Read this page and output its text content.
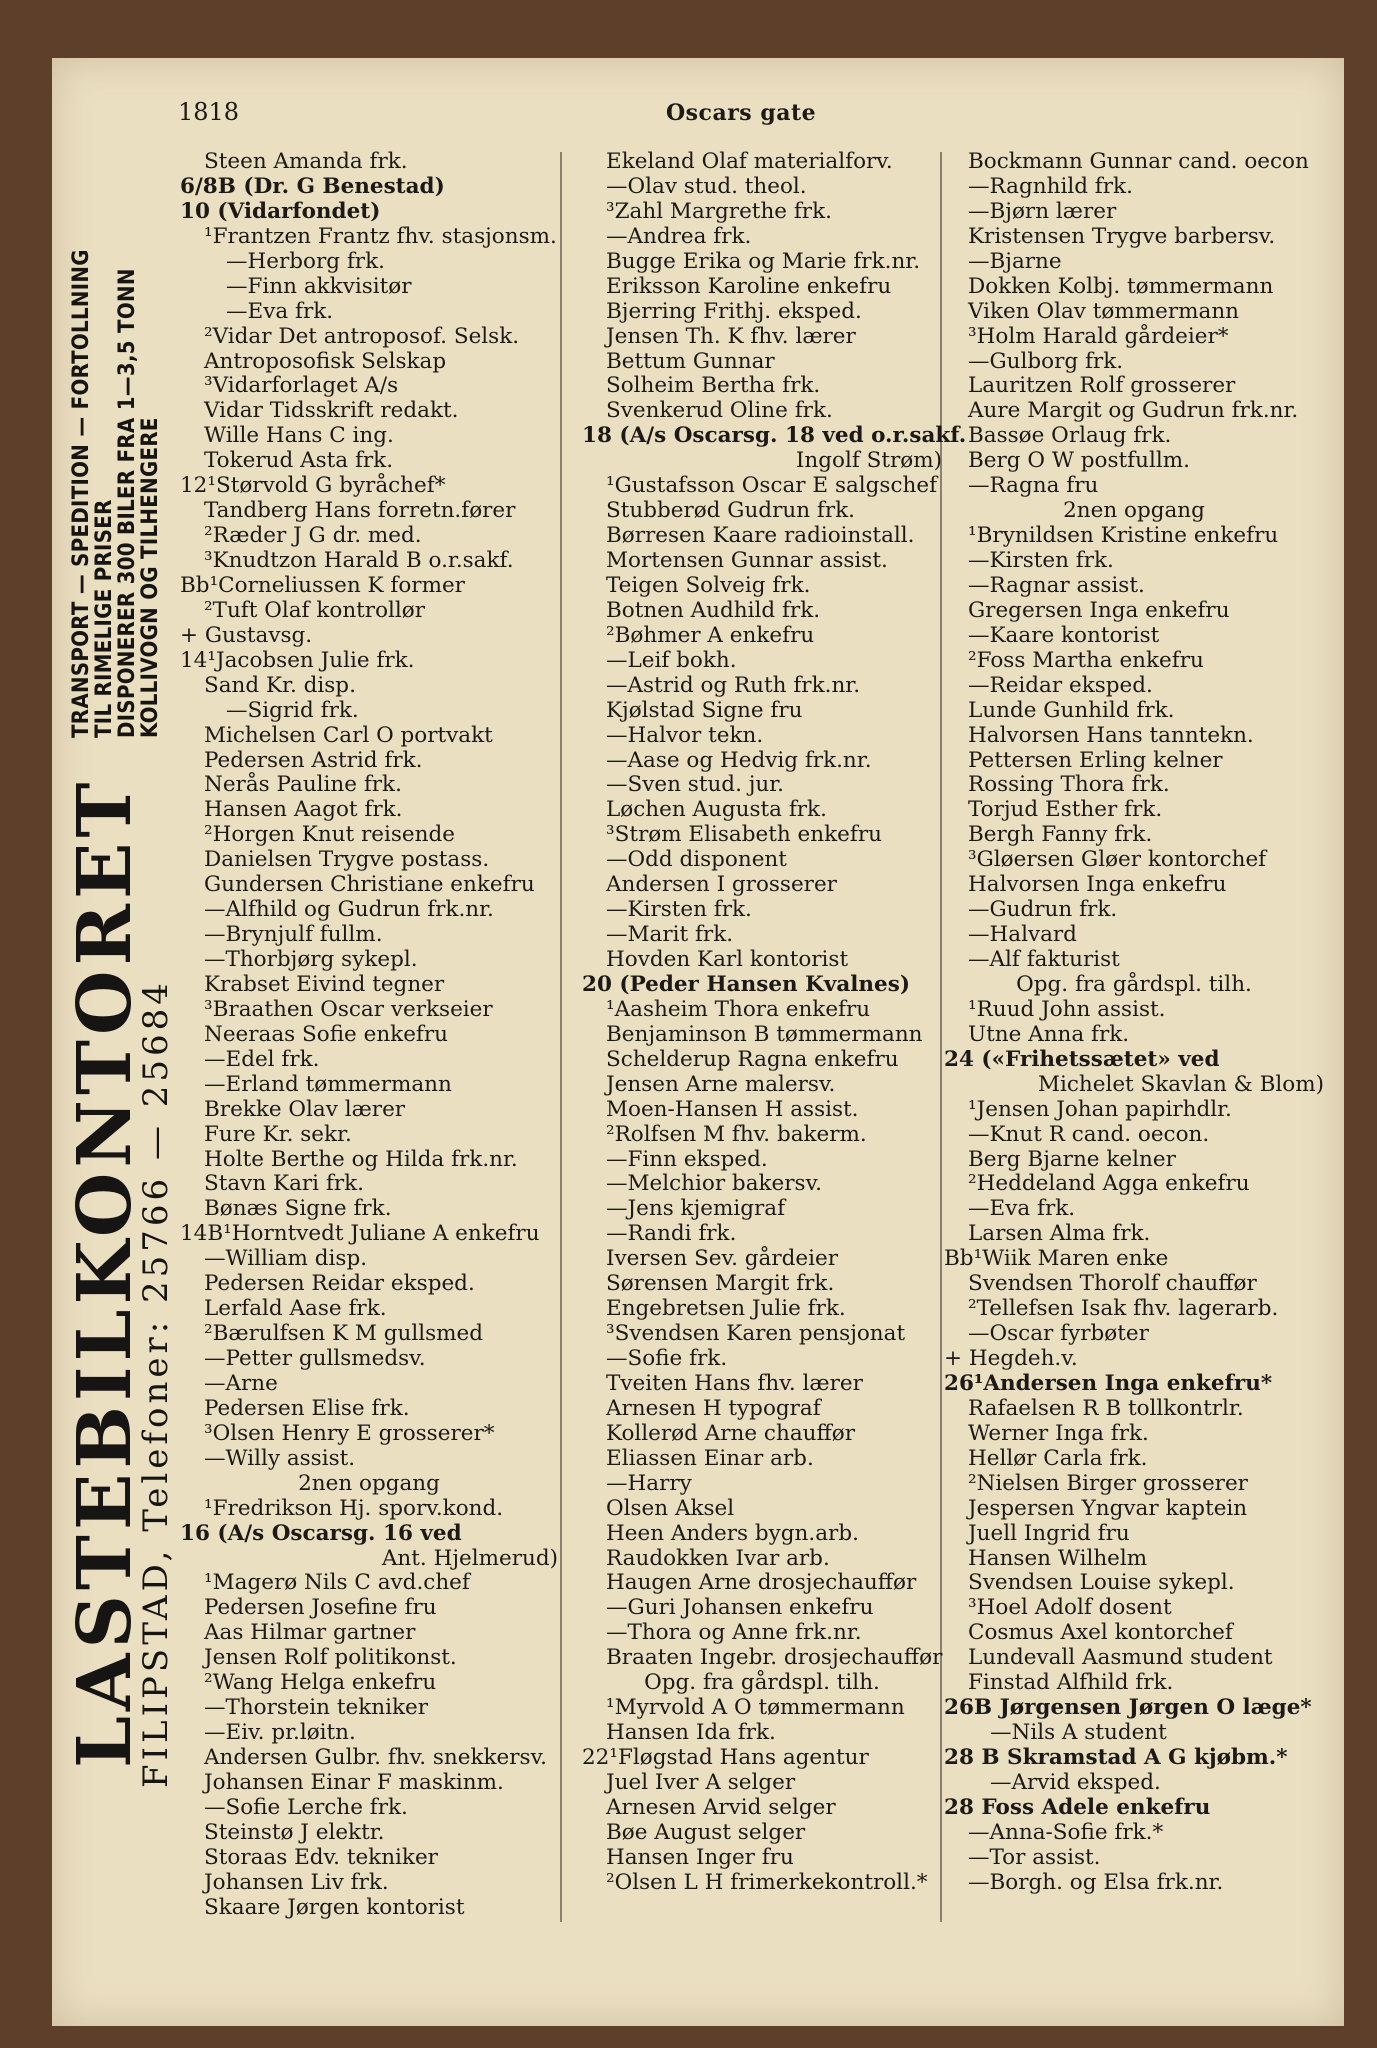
1818	Oscars gate
TRANSPORT — SPEDITION — FORTOLLNING
TIL RIMELIGE PRISER
DISPONERER 300 BILER FRA 1—3,5 TONN
KOLLIVOGN OG TILHENGERE
LASTEBILKONTORET
FILIPSTAD, Telefoner: 25766 — 25684
Steen Amanda frk.
6/8B (Dr. G Benestad)
10 (Vidarfondet)
¹Frantzen Frantz fhv. stasjonsm.
—Herborg frk.
—Finn akkvisitør
—Eva frk.
²Vidar Det antroposof. Selsk.
Antroposofisk Selskap
³Vidarforlaget A/s
Vidar Tidsskrift redakt.
Wille Hans C ing.
Tokerud Asta frk.
12¹Størvold G byråchef*
Tandberg Hans forretn.fører
²Ræder J G dr. med.
³Knudtzon Harald B o.r.sakf.
Bb¹Corneliussen K former
²Tuft Olaf kontrollør
+ Gustavsg.
14¹Jacobsen Julie frk.
Sand Kr. disp.
—Sigrid frk.
Michelsen Carl O portvakt
Pedersen Astrid frk.
Nerås Pauline frk.
Hansen Aagot frk.
²Horgen Knut reisende
Danielsen Trygve postass.
Gundersen Christiane enkefru
—Alfhild og Gudrun frk.nr.
—Brynjulf fullm.
—Thorbjørg sykepl.
Krabset Eivind tegner
³Braathen Oscar verkseier
Neeraas Sofie enkefru
—Edel frk.
—Erland tømmermann
Brekke Olav lærer
Fure Kr. sekr.
Holte Berthe og Hilda frk.nr.
Stavn Kari frk.
Bønæs Signe frk.
14B¹Horntvedt Juliane A enkefru
—William disp.
Pedersen Reidar eksped.
Lerfald Aase frk.
²Bærulfsen K M gullsmed
—Petter gullsmedsv.
—Arne
Pedersen Elise frk.
³Olsen Henry E grosserer*
—Willy assist.
2nen opgang
¹Fredrikson Hj. sporv.kond.
16 (A/s Oscarsg. 16 ved
Ant. Hjelmerud)
¹Magerø Nils C avd.chef
Pedersen Josefine fru
Aas Hilmar gartner
Jensen Rolf politikonst.
²Wang Helga enkefru
—Thorstein tekniker
—Eiv. pr.løitn.
Andersen Gulbr. fhv. snekkersv.
Johansen Einar F maskinm.
—Sofie Lerche frk.
Steinstø J elektr.
Storaas Edv. tekniker
Johansen Liv frk.
Skaare Jørgen kontorist
Ekeland Olaf materialforv.
—Olav stud. theol.
³Zahl Margrethe frk.
—Andrea frk.
Bugge Erika og Marie frk.nr.
Eriksson Karoline enkefru
Bjerring Frithj. eksped.
Jensen Th. K fhv. lærer
Bettum Gunnar
Solheim Bertha frk.
Svenkerud Oline frk.
18 (A/s Oscarsg. 18 ved o.r.sakf.
Ingolf Strøm)
¹Gustafsson Oscar E salgschef
Stubberød Gudrun frk.
Børresen Kaare radioinstall.
Mortensen Gunnar assist.
Teigen Solveig frk.
Botnen Audhild frk.
²Bøhmer A enkefru
—Leif bokh.
—Astrid og Ruth frk.nr.
Kjølstad Signe fru
—Halvor tekn.
—Aase og Hedvig frk.nr.
—Sven stud. jur.
Løchen Augusta frk.
³Strøm Elisabeth enkefru
—Odd disponent
Andersen I grosserer
—Kirsten frk.
—Marit frk.
Hovden Karl kontorist
20 (Peder Hansen Kvalnes)
¹Aasheim Thora enkefru
Benjaminson B tømmermann
Schelderup Ragna enkefru
Jensen Arne malersv.
Moen-Hansen H assist.
²Rolfsen M fhv. bakerm.
—Finn eksped.
—Melchior bakersv.
—Jens kjemigraf
—Randi frk.
Iversen Sev. gårdeier
Sørensen Margit frk.
Engebretsen Julie frk.
³Svendsen Karen pensjonat
—Sofie frk.
Tveiten Hans fhv. lærer
Arnesen H typograf
Kollerød Arne chauffør
Eliassen Einar arb.
—Harry
Olsen Aksel
Heen Anders bygn.arb.
Raudokken Ivar arb.
Haugen Arne drosjechauffør
—Guri Johansen enkefru
—Thora og Anne frk.nr.
Braaten Ingebr. drosjechauffør
Opg. fra gårdspl. tilh.
¹Myrvold A O tømmermann
Hansen Ida frk.
22¹Fløgstad Hans agentur
Juel Iver A selger
Arnesen Arvid selger
Bøe August selger
Hansen Inger fru
²Olsen L H frimerkekontroll.*
Bockmann Gunnar cand. oecon
—Ragnhild frk.
—Bjørn lærer
Kristensen Trygve barbersv.
—Bjarne
Dokken Kolbj. tømmermann
Viken Olav tømmermann
³Holm Harald gårdeier*
—Gulborg frk.
Lauritzen Rolf grosserer
Aure Margit og Gudrun frk.nr.
Bassøe Orlaug frk.
Berg O W postfullm.
—Ragna fru
2nen opgang
¹Brynildsen Kristine enkefru
—Kirsten frk.
—Ragnar assist.
Gregersen Inga enkefru
—Kaare kontorist
²Foss Martha enkefru
—Reidar eksped.
Lunde Gunhild frk.
Halvorsen Hans tanntekn.
Pettersen Erling kelner
Rossing Thora frk.
Torjud Esther frk.
Bergh Fanny frk.
³Gløersen Gløer kontorchef
Halvorsen Inga enkefru
—Gudrun frk.
—Halvard
—Alf fakturist
Opg. fra gårdspl. tilh.
¹Ruud John assist.
Utne Anna frk.
24 («Frihetssætet» ved
Michelet Skavlan & Blom)
¹Jensen Johan papirhdlr.
—Knut R cand. oecon.
Berg Bjarne kelner
²Heddeland Agga enkefru
—Eva frk.
Larsen Alma frk.
Bb¹Wiik Maren enke
Svendsen Thorolf chauffør
²Tellefsen Isak fhv. lagerarb.
—Oscar fyrbøter
+ Hegdeh.v.
26¹Andersen Inga enkefru*
Rafaelsen R B tollkontrlr.
Werner Inga frk.
Hellør Carla frk.
²Nielsen Birger grosserer
Jespersen Yngvar kaptein
Juell Ingrid fru
Hansen Wilhelm
Svendsen Louise sykepl.
³Hoel Adolf dosent
Cosmus Axel kontorchef
Lundevall Aasmund student
Finstad Alfhild frk.
26B Jørgensen Jørgen O læge*
—Nils A student
28 B Skramstad A G kjøbm.*
—Arvid eksped.
28 Foss Adele enkefru
—Anna-Sofie frk.*
—Tor assist.
—Borgh. og Elsa frk.nr.
